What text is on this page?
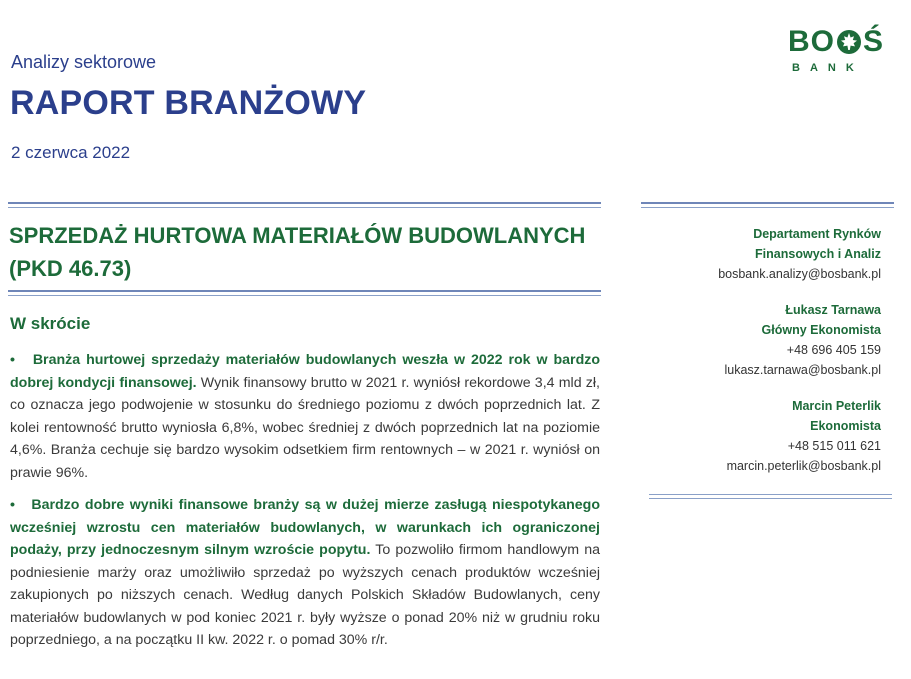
Analizy sektorowe
RAPORT BRANŻOWY
2 czerwca 2022
BO Ś
BANK
SPRZEDAŻ HURTOWA MATERIAŁÓW BUDOWLANYCH
(PKD 46.73)
Departament Rynków
Finansowych i Analiz
bosbank.analizy@bosbank.pl
Łukasz Tarnawa
Główny Ekonomista
+48 696 405 159
lukasz.tarnawa@bosbank.pl
Marcin Peterlik
Ekonomista
+48 515 011 621
marcin.peterlik@bosbank.pl
W skrócie
• Branża hurtowej sprzedaży materiałów budowlanych weszła w 2022 rok w bardzo dobrej kondycji finansowej. Wynik finansowy brutto w 2021 r. wyniósł rekordowe 3,4 mld zł, co oznacza jego podwojenie w stosunku do średniego poziomu z dwóch poprzednich lat. Z kolei rentowność brutto wyniosła 6,8%, wobec średniej z dwóch poprzednich lat na poziomie 4,6%. Branża cechuje się bardzo wysokim odsetkiem firm rentownych – w 2021 r. wyniósł on prawie 96%.
• Bardzo dobre wyniki finansowe branży są w dużej mierze zasługą niespotykanego wcześniej wzrostu cen materiałów budowlanych, w warunkach ich ograniczonej podaży, przy jednoczesnym silnym wzroście popytu. To pozwoliło firmom handlowym na podniesienie marży oraz umożliwiło sprzedaż po wyższych cenach produktów wcześniej zakupionych po niższych cenach. Według danych Polskich Składów Budowlanych, ceny materiałów budowlanych w pod koniec 2021 r. były wyższe o ponad 20% niż w grudniu roku poprzedniego, a na początku II kw. 2022 r. o pomad 30% r/r.
